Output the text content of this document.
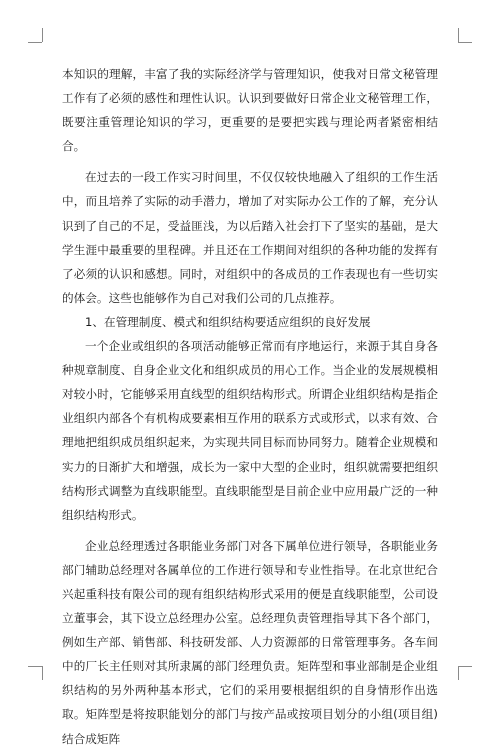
本知识的理解，丰富了我的实际经济学与管理知识，使我对日常文秘管理工作有了必须的感性和理性认识。认识到要做好日常企业文秘管理工作，既要注重管理论知识的学习，更重要的是要把实践与理论两者紧密相结合。

在过去的一段工作实习时间里，不仅仅较快地融入了组织的工作生活中，而且培养了实际的动手潜力，增加了对实际办公工作的了解，充分认识到了自己的不足，受益匪浅，为以后踏入社会打下了坚实的基础，是大学生涯中最重要的里程碑。并且还在工作期间对组织的各种功能的发挥有了必须的认识和感想。同时，对组织中的各成员的工作表现也有一些切实的体会。这些也能够作为自己对我们公司的几点推荐。

1、在管理制度、模式和组织结构要适应组织的良好发展

一个企业或组织的各项活动能够正常而有序地运行，来源于其自身各种规章制度、自身企业文化和组织成员的用心工作。当企业的发展规模相对较小时，它能够采用直线型的组织结构形式。所谓企业组织结构是指企业组织内部各个有机构成要素相互作用的联系方式或形式，以求有效、合理地把组织成员组织起来，为实现共同目标而协同努力。随着企业规模和实力的日渐扩大和增强，成长为一家中大型的企业时，组织就需要把组织结构形式调整为直线职能型。直线职能型是目前企业中应用最广泛的一种组织结构形式。

企业总经理透过各职能业务部门对各下属单位进行领导，各职能业务部门辅助总经理对各属单位的工作进行领导和专业性指导。在北京世纪合兴起重科技有限公司的现有组织结构形式采用的便是直线职能型，公司设立董事会，其下设立总经理办公室。总经理负责管理指导其下各个部门，例如生产部、销售部、科技研发部、人力资源部的日常管理事务。各车间中的厂长主任则对其所隶属的部门经理负责。矩阵型和事业部制是企业组织结构的另外两种基本形式，它们的采用要根据组织的自身情形作出选取。矩阵型是将按职能划分的部门与按产品或按项目划分的小组(项目组)结合成矩阵
